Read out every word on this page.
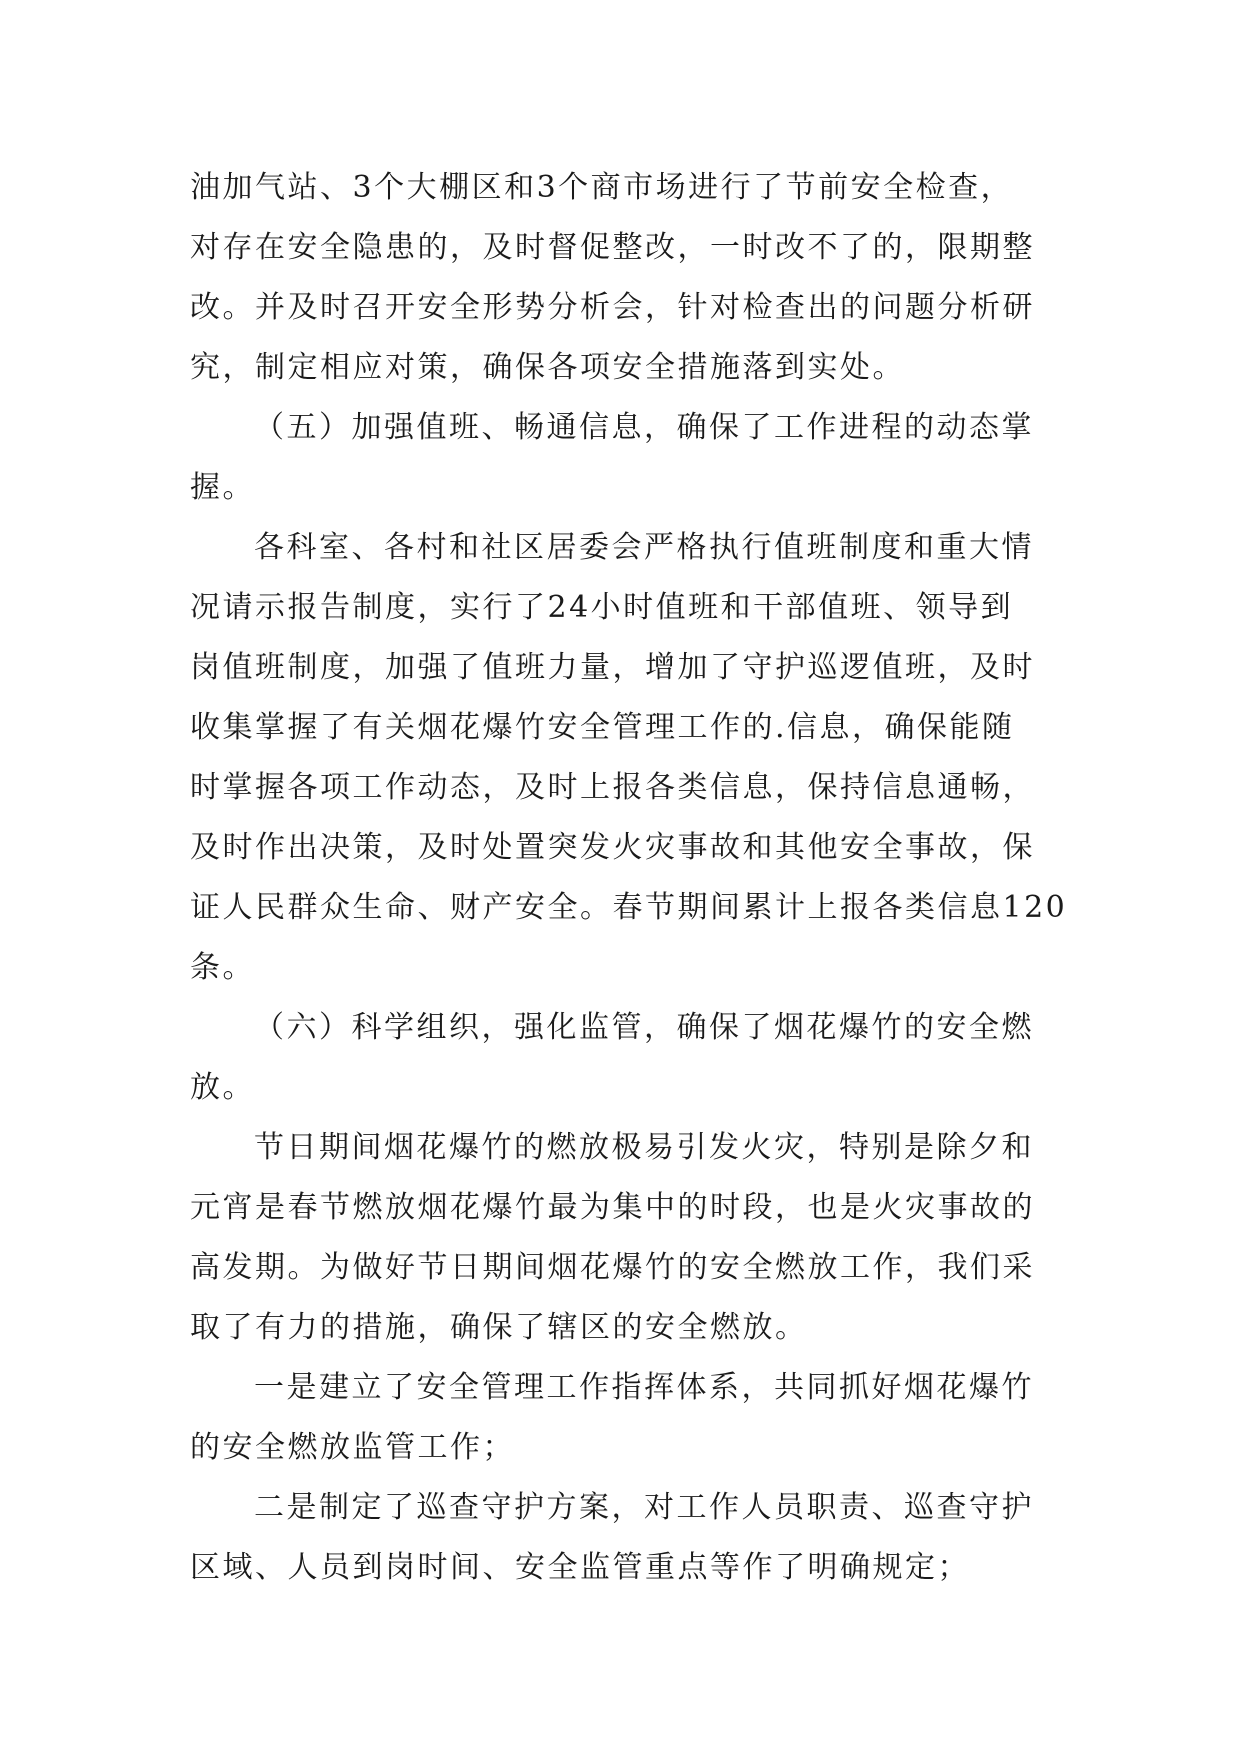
油加气站、3个大棚区和3个商市场进行了节前安全检查，
对存在安全隐患的，及时督促整改，一时改不了的，限期整
改。并及时召开安全形势分析会，针对检查出的问题分析研
究，制定相应对策，确保各项安全措施落到实处。
（五）加强值班、畅通信息，确保了工作进程的动态掌
握。
各科室、各村和社区居委会严格执行值班制度和重大情
况请示报告制度，实行了24小时值班和干部值班、领导到
岗值班制度，加强了值班力量，增加了守护巡逻值班，及时
收集掌握了有关烟花爆竹安全管理工作的.信息，确保能随
时掌握各项工作动态，及时上报各类信息，保持信息通畅，
及时作出决策，及时处置突发火灾事故和其他安全事故，保
证人民群众生命、财产安全。春节期间累计上报各类信息120
条。
（六）科学组织，强化监管，确保了烟花爆竹的安全燃
放。
节日期间烟花爆竹的燃放极易引发火灾，特别是除夕和
元宵是春节燃放烟花爆竹最为集中的时段，也是火灾事故的
高发期。为做好节日期间烟花爆竹的安全燃放工作，我们采
取了有力的措施，确保了辖区的安全燃放。
一是建立了安全管理工作指挥体系，共同抓好烟花爆竹
的安全燃放监管工作；
二是制定了巡查守护方案，对工作人员职责、巡查守护
区域、人员到岗时间、安全监管重点等作了明确规定；
